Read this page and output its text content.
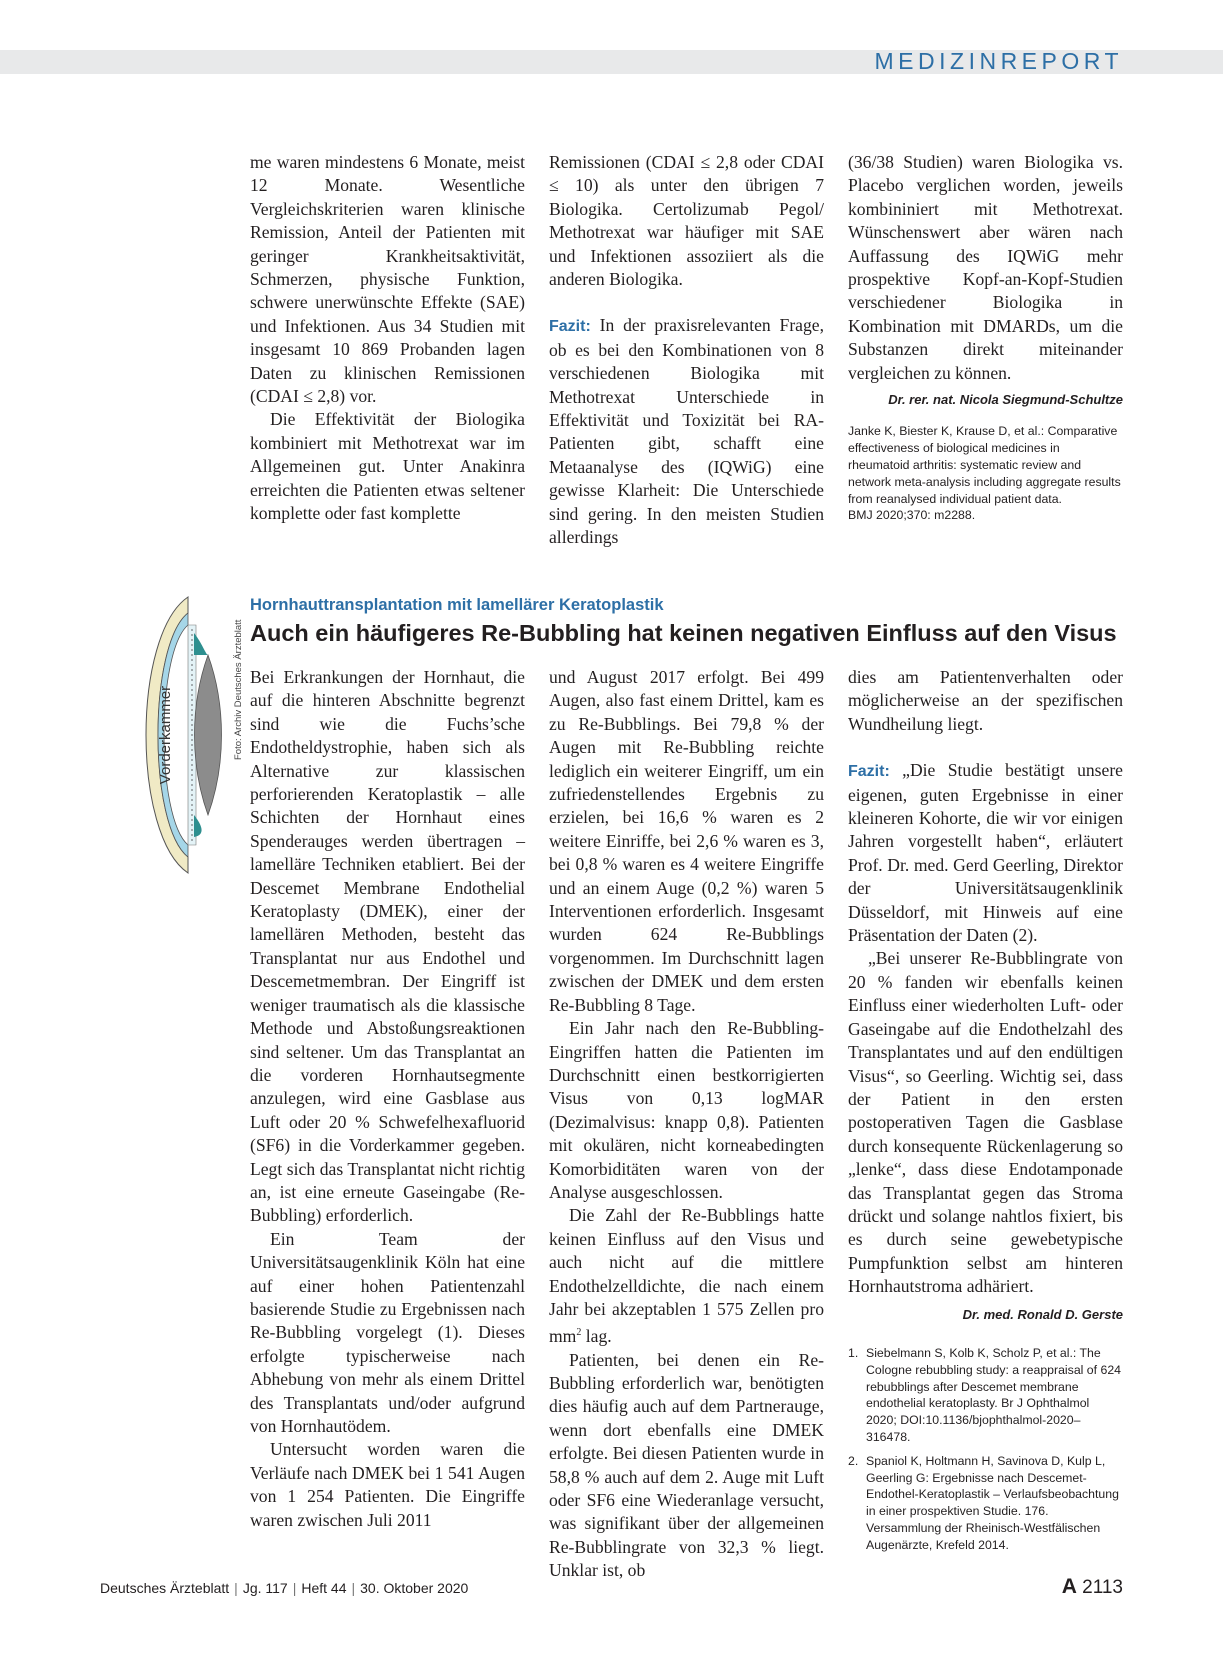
MEDIZINREPORT

me waren mindestens 6 Monate, meist 12 Monate. Wesentliche Vergleichskriterien waren klinische Remission, Anteil der Patienten mit geringer Krankheitsaktivität, Schmerzen, physische Funktion, schwere unerwünschte Effekte (SAE) und Infektionen. Aus 34 Studien mit insgesamt 10 869 Probanden lagen Daten zu klinischen Remissionen (CDAI ≤ 2,8) vor.

Die Effektivität der Biologika kombiniert mit Methotrexat war im Allgemeinen gut. Unter Anakinra erreichten die Patienten etwas seltener komplette oder fast komplette

Remissionen (CDAI ≤ 2,8 oder CDAI ≤ 10) als unter den übrigen 7 Biologika. Certolizumab Pegol/ Methotrexat war häufiger mit SAE und Infektionen assoziiert als die anderen Biologika.

Fazit: In der praxisrelevanten Frage, ob es bei den Kombinationen von 8 verschiedenen Biologika mit Methotrexat Unterschiede in Effektivität und Toxizität bei RA-Patienten gibt, schafft eine Metaanalyse des (IQWiG) eine gewisse Klarheit: Die Unterschiede sind gering. In den meisten Studien allerdings

(36/38 Studien) waren Biologika vs. Placebo verglichen worden, jeweils kombininiert mit Methotrexat. Wünschenswert aber wären nach Auffassung des IQWiG mehr prospektive Kopf-an-Kopf-Studien verschiedener Biologika in Kombination mit DMARDs, um die Substanzen direkt miteinander vergleichen zu können.

Dr. rer. nat. Nicola Siegmund-Schultze
Janke K, Biester K, Krause D, et al.: Comparative effectiveness of biological medicines in
rheumatoid arthritis: systematic review and network meta-analysis including aggregate results
from reanalysed individual patient data.
BMJ 2020;370: m2288.
Hornhauttransplantation mit lamellärer Keratoplastik
Auch ein häufigeres Re-Bubbling hat keinen negativen Einfluss auf den Visus
Vorderkammer	Foto: Archiv Deutsches Ärzteblatt Bei Erkrankungen der Hornhaut, die auf die hinteren Abschnitte begrenzt sind wie die Fuchs’sche Endotheldystrophie, haben sich als Alternative zur klassischen perforierenden Keratoplastik – alle Schichten der Hornhaut eines Spenderauges werden übertragen – lamelläre Techniken etabliert. Bei der Descemet Membrane Endothelial Keratoplasty (DMEK), einer der lamellären Methoden, besteht das Transplantat nur aus Endothel und Descemetmembran. Der Eingriff ist weniger traumatisch als die klassische Methode und Abstoßungsreaktionen sind seltener. Um das Transplantat an die vorderen Hornhautsegmente anzulegen, wird eine Gasblase aus Luft oder 20 % Schwefelhexafluorid (SF6) in die Vorderkammer gegeben. Legt sich das Transplantat nicht richtig an, ist eine erneute Gaseingabe (Re-Bubbling) erforderlich.

Ein Team der Universitätsaugenklinik Köln hat eine auf einer hohen Patientenzahl basierende Studie zu Ergebnissen nach Re-Bubbling vorgelegt (1). Dieses erfolgte typischerweise nach Abhebung von mehr als einem Drittel des Transplantats und/oder aufgrund von Hornhautödem.

Untersucht worden waren die Verläufe nach DMEK bei 1 541 Augen von 1 254 Patienten. Die Eingriffe waren zwischen Juli 2011

und August 2017 erfolgt. Bei 499 Augen, also fast einem Drittel, kam es zu Re-Bubblings. Bei 79,8 % der Augen mit Re-Bubbling reichte lediglich ein weiterer Eingriff, um ein zufriedenstellendes Ergebnis zu erzielen, bei 16,6 % waren es 2 weitere Einriffe, bei 2,6 % waren es 3, bei 0,8 % waren es 4 weitere Eingriffe und an einem Auge (0,2 %) waren 5 Interventionen erforderlich. Insgesamt wurden 624 Re-Bubblings vorgenommen. Im Durchschnitt lagen zwischen der DMEK und dem ersten Re-Bubbling 8 Tage.

Ein Jahr nach den Re-Bubbling-Eingriffen hatten die Patienten im Durchschnitt einen bestkorrigierten Visus von 0,13 logMAR (Dezimalvisus: knapp 0,8). Patienten mit okulären, nicht korneabedingten Komorbiditäten waren von der Analyse ausgeschlossen.

Die Zahl der Re-Bubblings hatte keinen Einfluss auf den Visus und auch nicht auf die mittlere Endothelzelldichte, die nach einem Jahr bei akzeptablen 1 575 Zellen pro $mm^2$ lag.

Patienten, bei denen ein Re-Bubbling erforderlich war, benötigten dies häufig auch auf dem Partnerauge, wenn dort ebenfalls eine DMEK erfolgte. Bei diesen Patienten wurde in 58,8 % auch auf dem 2. Auge mit Luft oder SF6 eine Wiederanlage versucht, was signifikant über der allgemeinen Re-Bubblingrate von 32,3 % liegt. Unklar ist, ob

dies am Patientenverhalten oder möglicherweise an der spezifischen Wundheilung liegt.

Fazit: „Die Studie bestätigt unsere eigenen, guten Ergebnisse in einer kleineren Kohorte, die wir vor einigen Jahren vorgestellt haben“, erläutert Prof. Dr. med. Gerd Geerling, Direktor der Universitätsaugenklinik Düsseldorf, mit Hinweis auf eine Präsentation der Daten (2).

„Bei unserer Re-Bubblingrate von 20 % fanden wir ebenfalls keinen Einfluss einer wiederholten Luft- oder Gaseingabe auf die Endothelzahl des Transplantates und auf den endültigen Visus“, so Geerling. Wichtig sei, dass der Patient in den ersten postoperativen Tagen die Gasblase durch konsequente Rückenlagerung so „lenke“, dass diese Endotamponade das Transplantat gegen das Stroma drückt und solange nahtlos fixiert, bis es durch seine gewebetypische Pumpfunktion selbst am hinteren Hornhautstroma adhäriert.
Dr. med. Ronald D. Gerste

1. Siebelmann S, Kolb K, Scholz P, et al.: The Cologne rebubbling study: a reappraisal of 624 rebubblings after Descemet membrane endothelial keratoplasty. Br J Ophthalmol 2020; DOI:10.1136/bjophthalmol-2020–316478.
2. Spaniol K, Holtmann H, Savinova D, Kulp L, Geerling G: Ergebnisse nach Descemet-Endothel-Keratoplastik – Verlaufsbeobachtung in einer prospektiven Studie. 176. Versammlung der Rheinisch-Westfälischen Augenärzte, Krefeld 2014.
Deutsches Ärzteblatt | Jg. 117 | Heft 44 | 30. Oktober 2020	A 2113
